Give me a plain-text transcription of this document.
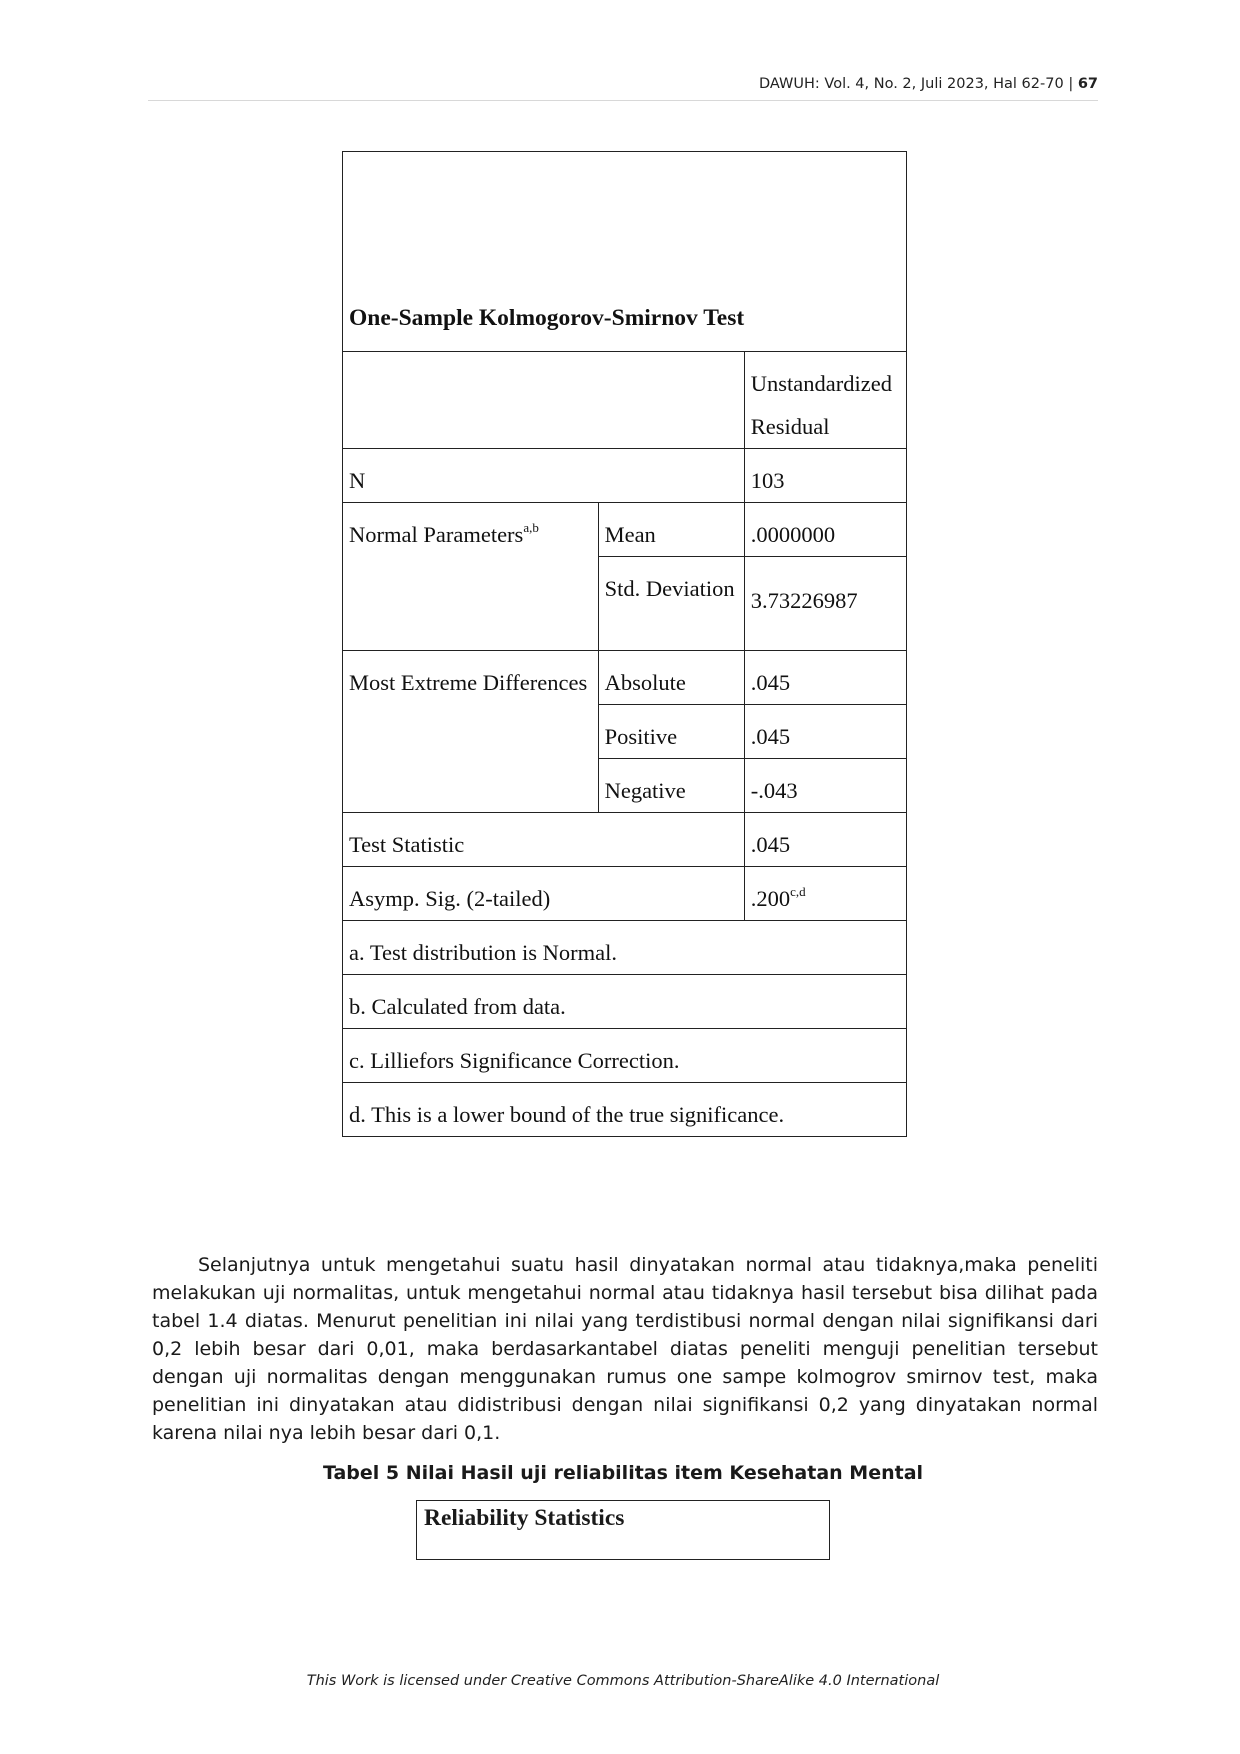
DAWUH: Vol. 4, No. 2, Juli 2023, Hal 62-70 | 67
One-Sample Kolmogorov-Smirnov Test		
		Unstandardized Residual
N		103
Normal Parameters$^{a,b}$	Mean	.0000000
	Std. Deviation	3.73226987
Most Extreme Differences	Absolute	.045
	Positive	.045
	Negative	-.043
Test Statistic		.045
Asymp. Sig. (2-tailed)		.200$^{c,d}$
a. Test distribution is Normal.		
b. Calculated from data.		
c. Lilliefors Significance Correction.		
d. This is a lower bound of the true significance.		

Selanjutnya untuk mengetahui suatu hasil dinyatakan normal atau tidaknya,maka peneliti melakukan uji normalitas, untuk mengetahui normal atau tidaknya hasil tersebut bisa dilihat pada tabel 1.4 diatas. Menurut penelitian ini nilai yang terdistibusi normal dengan nilai signifikansi dari 0,2 lebih besar dari 0,01, maka berdasarkantabel diatas peneliti menguji penelitian tersebut dengan uji normalitas dengan menggunakan rumus one sampe kolmogrov smirnov test, maka penelitian ini dinyatakan atau didistribusi dengan nilai signifikansi 0,2 yang dinyatakan normal karena nilai nya lebih besar dari 0,1.

Tabel 5 Nilai Hasil uji reliabilitas item Kesehatan Mental
Reliability Statistics
This Work is licensed under Creative Commons Attribution-ShareAlike 4.0 International
